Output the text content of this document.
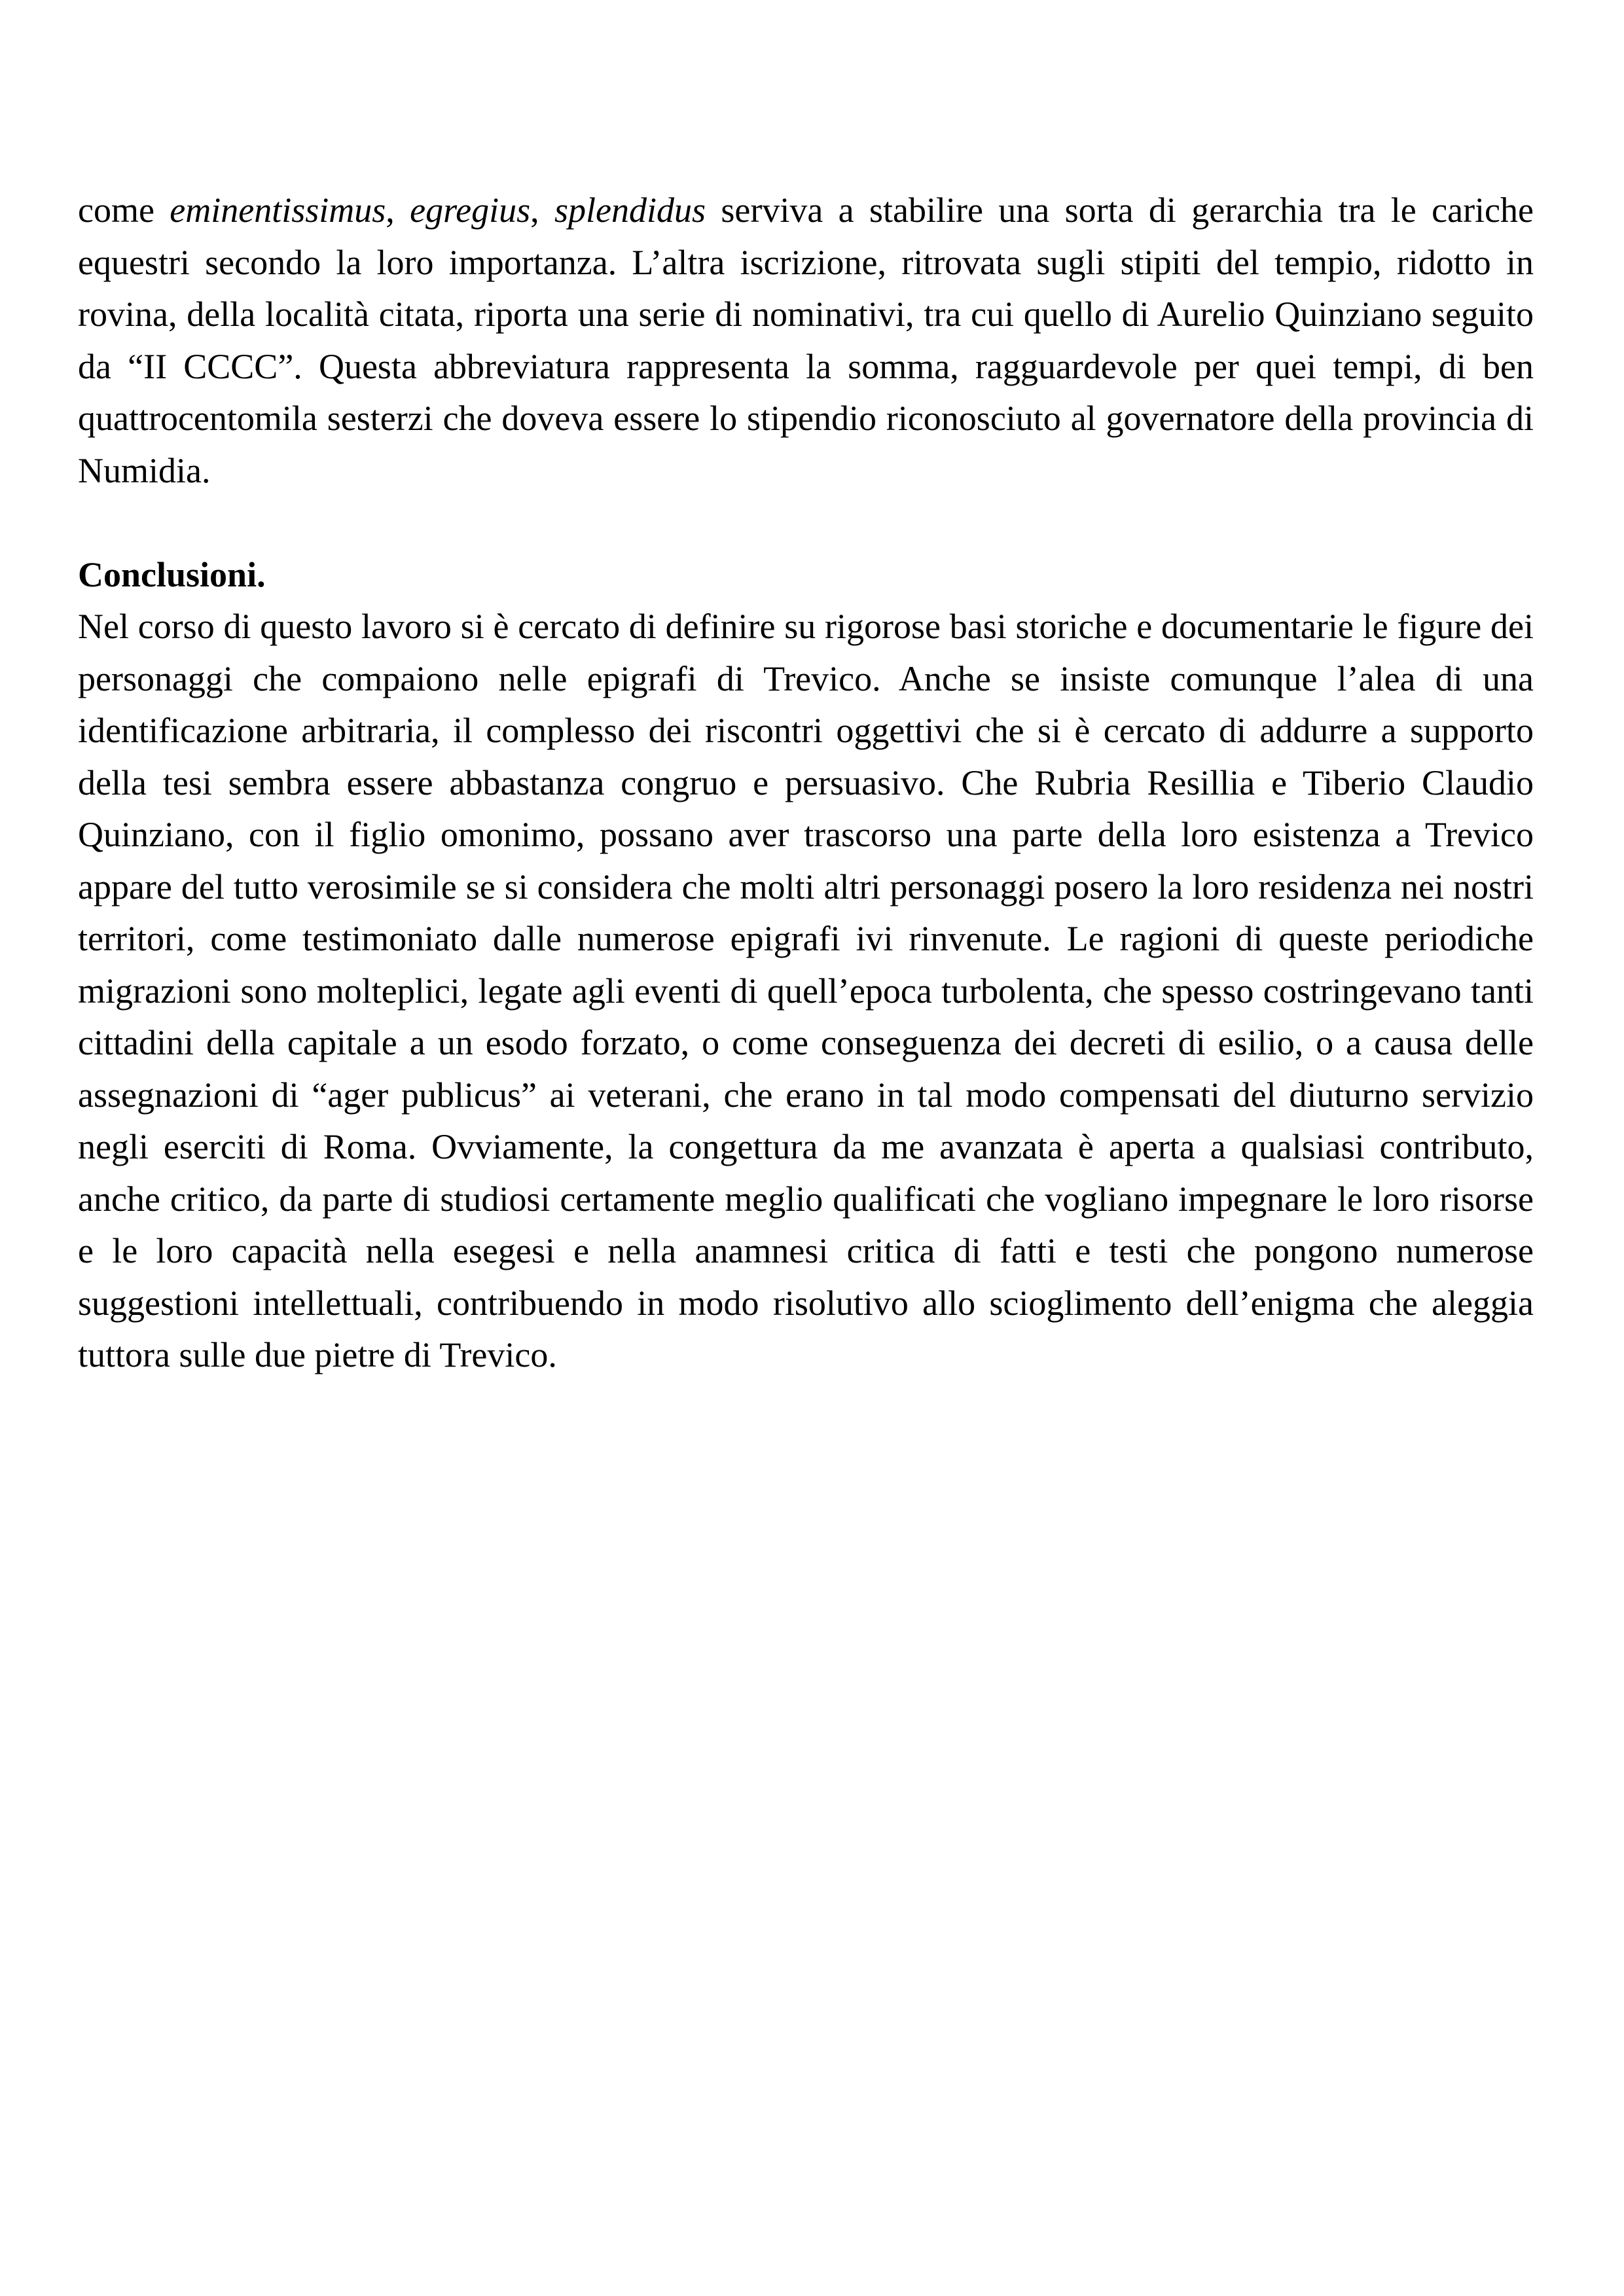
come eminentissimus, egregius, splendidus serviva a stabilire una sorta di gerarchia tra le cariche equestri secondo la loro importanza. L’altra iscrizione, ritrovata sugli stipiti del tempio, ridotto in rovina, della località citata, riporta una serie di nominativi, tra cui quello di Aurelio Quinziano seguito da “II CCCC”. Questa abbreviatura rappresenta la somma, ragguardevole per quei tempi, di ben quattrocentomila sesterzi che doveva essere lo stipendio riconosciuto al governatore della provincia di Numidia.

Conclusioni.

Nel corso di questo lavoro si è cercato di definire su rigorose basi storiche e documentarie le figure dei personaggi che compaiono nelle epigrafi di Trevico. Anche se insiste comunque l’alea di una identificazione arbitraria, il complesso dei riscontri oggettivi che si è cercato di addurre a supporto della tesi sembra essere abbastanza congruo e persuasivo. Che Rubria Resillia e Tiberio Claudio Quinziano, con il figlio omonimo, possano aver trascorso una parte della loro esistenza a Trevico appare del tutto verosimile se si considera che molti altri personaggi posero la loro residenza nei nostri territori, come testimoniato dalle numerose epigrafi ivi rinvenute. Le ragioni di queste periodiche migrazioni sono molteplici, legate agli eventi di quell’epoca turbolenta, che spesso costringevano tanti cittadini della capitale a un esodo forzato, o come conseguenza dei decreti di esilio, o a causa delle assegnazioni di “ager publicus” ai veterani, che erano in tal modo compensati del diuturno servizio negli eserciti di Roma. Ovviamente, la congettura da me avanzata è aperta a qualsiasi contributo, anche critico, da parte di studiosi certamente meglio qualificati che vogliano impegnare le loro risorse e le loro capacità nella esegesi e nella anamnesi critica di fatti e testi che pongono numerose suggestioni intellettuali, contribuendo in modo risolutivo allo scioglimento dell’enigma che aleggia tuttora sulle due pietre di Trevico.
